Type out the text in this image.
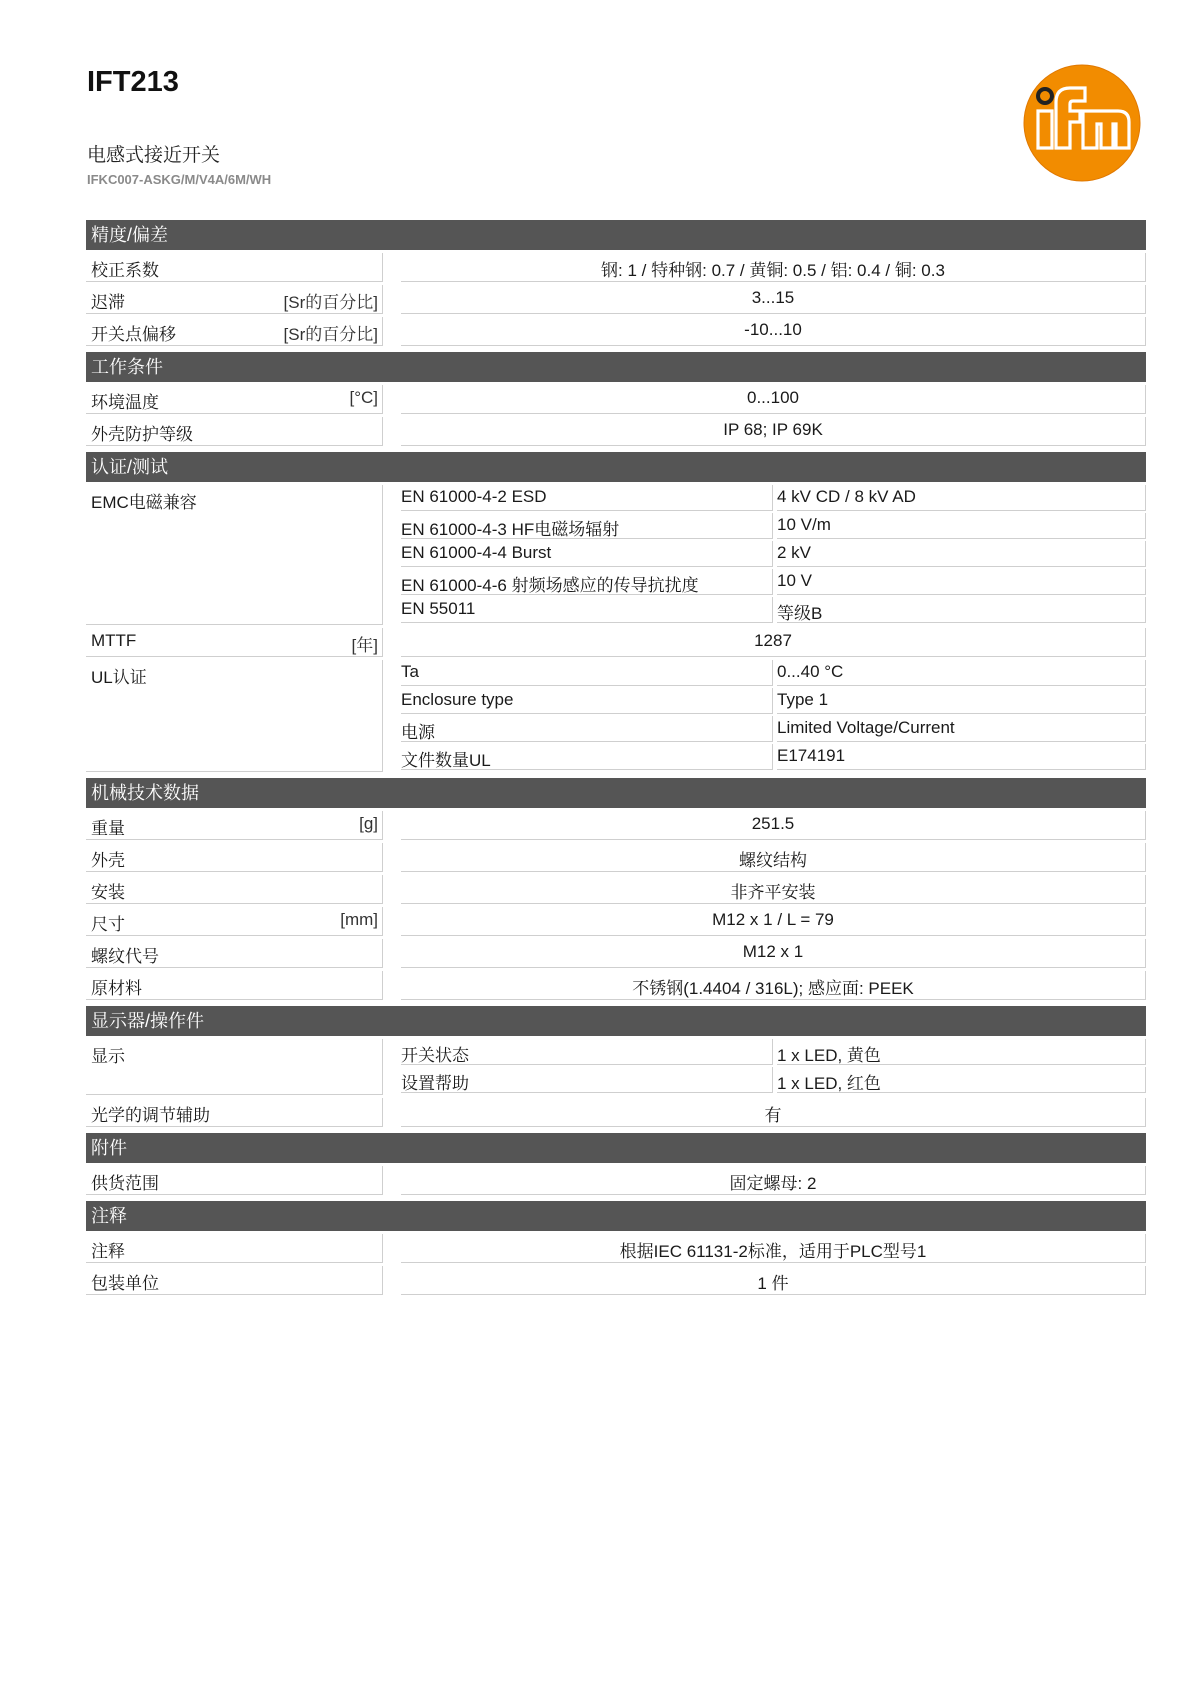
IFT213
电感式接近开关
IFKC007-ASKG/M/V4A/6M/WH
精度/偏差
校正系数	钢: 1 / 特种钢: 0.7 / 黄铜: 0.5 / 铝: 0.4 / 铜: 0.3
迟滞	[Sr的百分比]	3...15
开关点偏移	[Sr的百分比]	-10...10
工作条件
环境温度	[°C]	0...100
外壳防护等级	IP 68; IP 69K
认证/测试
EMC电磁兼容	EN 61000-4-2 ESD	4 kV CD / 8 kV AD
EN 61000-4-3 HF电磁场辐射	10 V/m
EN 61000-4-4 Burst	2 kV
EN 61000-4-6 射频场感应的传导抗扰度	10 V
EN 55011	等级B
MTTF	[年]	1287
UL认证	Ta	0...40 °C
Enclosure type	Type 1
电源	Limited Voltage/Current
文件数量UL	E174191
机械技术数据
重量	[g]	251.5
外壳	螺纹结构
安装	非齐平安装
尺寸	[mm]	M12 x 1 / L = 79
螺纹代号	M12 x 1
原材料	不锈钢(1.4404 / 316L); 感应面: PEEK
显示器/操作件
显示	开关状态	1 x LED, 黄色
设置帮助	1 x LED, 红色
光学的调节辅助	有
附件
供货范围	固定螺母: 2
注释
注释	根据IEC 61131-2标准，适用于PLC型号1
包装单位	1 件
